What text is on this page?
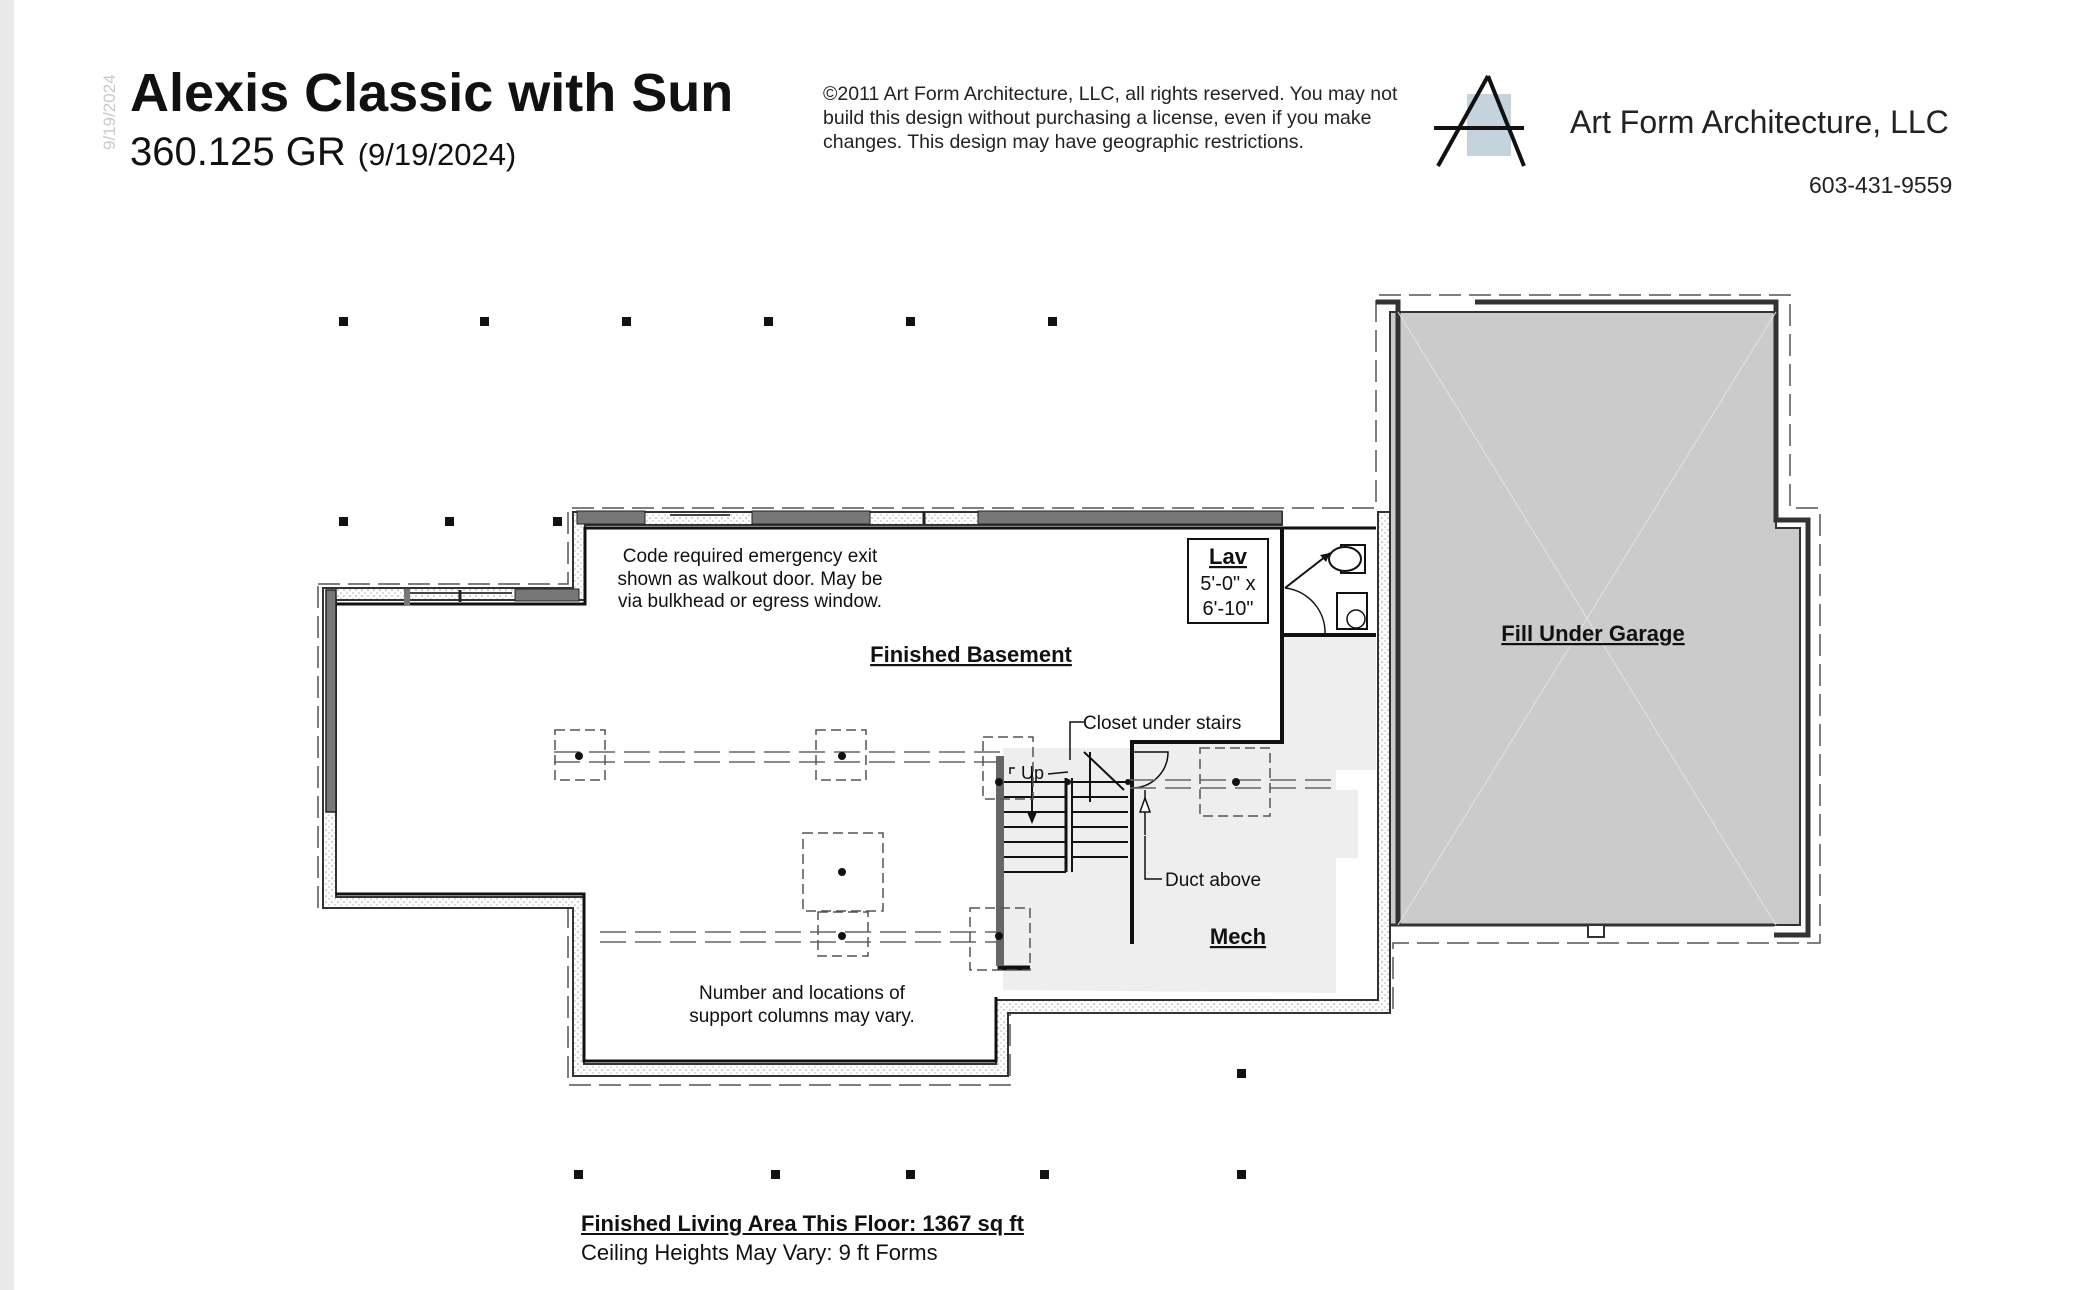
9/19/2024 Alexis Classic with Sun
360.125 GR (9/19/2024)
©2011 Art Form Architecture, LLC, all rights reserved. You may not build this design without purchasing a license, even if you make changes. This design may have geographic restrictions.
Art Form Architecture, LLC
603-431-9559
Lav
5'-0" x
6'-10"
Up
Code required emergency exit
shown as walkout door. May be
via bulkhead or egress window.
Finished Basement
Fill Under Garage
Closet under stairs
Duct above
Mech
Number and locations of
support columns may vary.
Finished Living Area This Floor: 1367 sq ft
Ceiling Heights May Vary: 9 ft Forms
